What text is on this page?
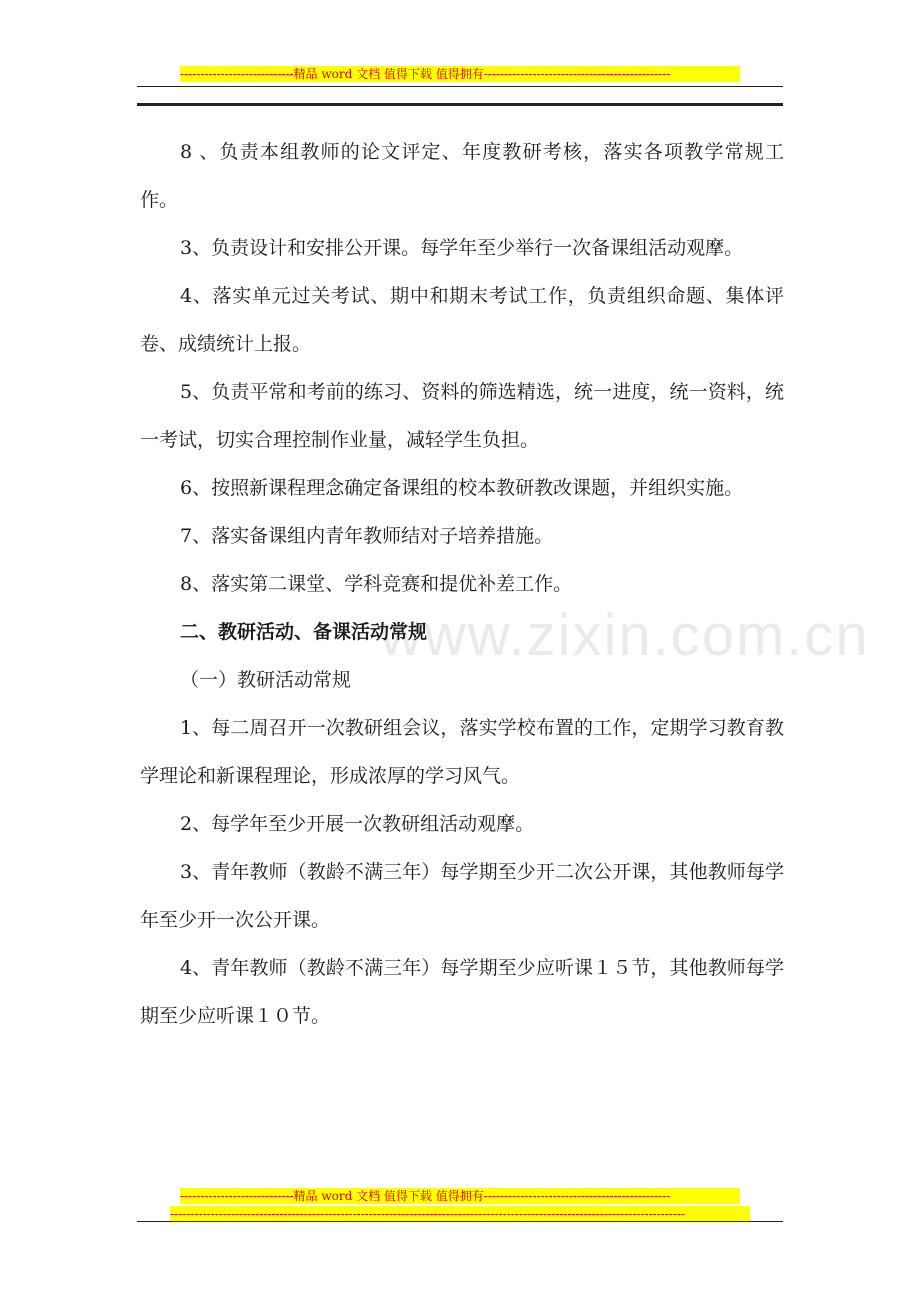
----------------------------精品 word 文档 值得下载 值得拥有----------------------------------------------
www.zixin.com.cn

8 、负责本组教师的论文评定、年度教研考核，落实各项教学常规工作。

3、负责设计和安排公开课。每学年至少举行一次备课组活动观摩。

4、落实单元过关考试、期中和期末考试工作，负责组织命题、集体评卷、成绩统计上报。

5、负责平常和考前的练习、资料的筛选精选，统一进度，统一资料，统一考试，切实合理控制作业量，减轻学生负担。

6、按照新课程理念确定备课组的校本教研教改课题，并组织实施。

7、落实备课组内青年教师结对子培养措施。

8、落实第二课堂、学科竞赛和提优补差工作。

二、教研活动、备课活动常规

（一）教研活动常规

1、每二周召开一次教研组会议，落实学校布置的工作，定期学习教育教学理论和新课程理论，形成浓厚的学习风气。

2、每学年至少开展一次教研组活动观摩。

3、青年教师（教龄不满三年）每学期至少开二次公开课，其他教师每学年至少开一次公开课。

4、青年教师（教龄不满三年）每学期至少应听课１５节，其他教师每学期至少应听课１０节。

----------------------------精品 word 文档 值得下载 值得拥有----------------------------------------------
-------------------------------------------------------------------------------------------------------------------------------
